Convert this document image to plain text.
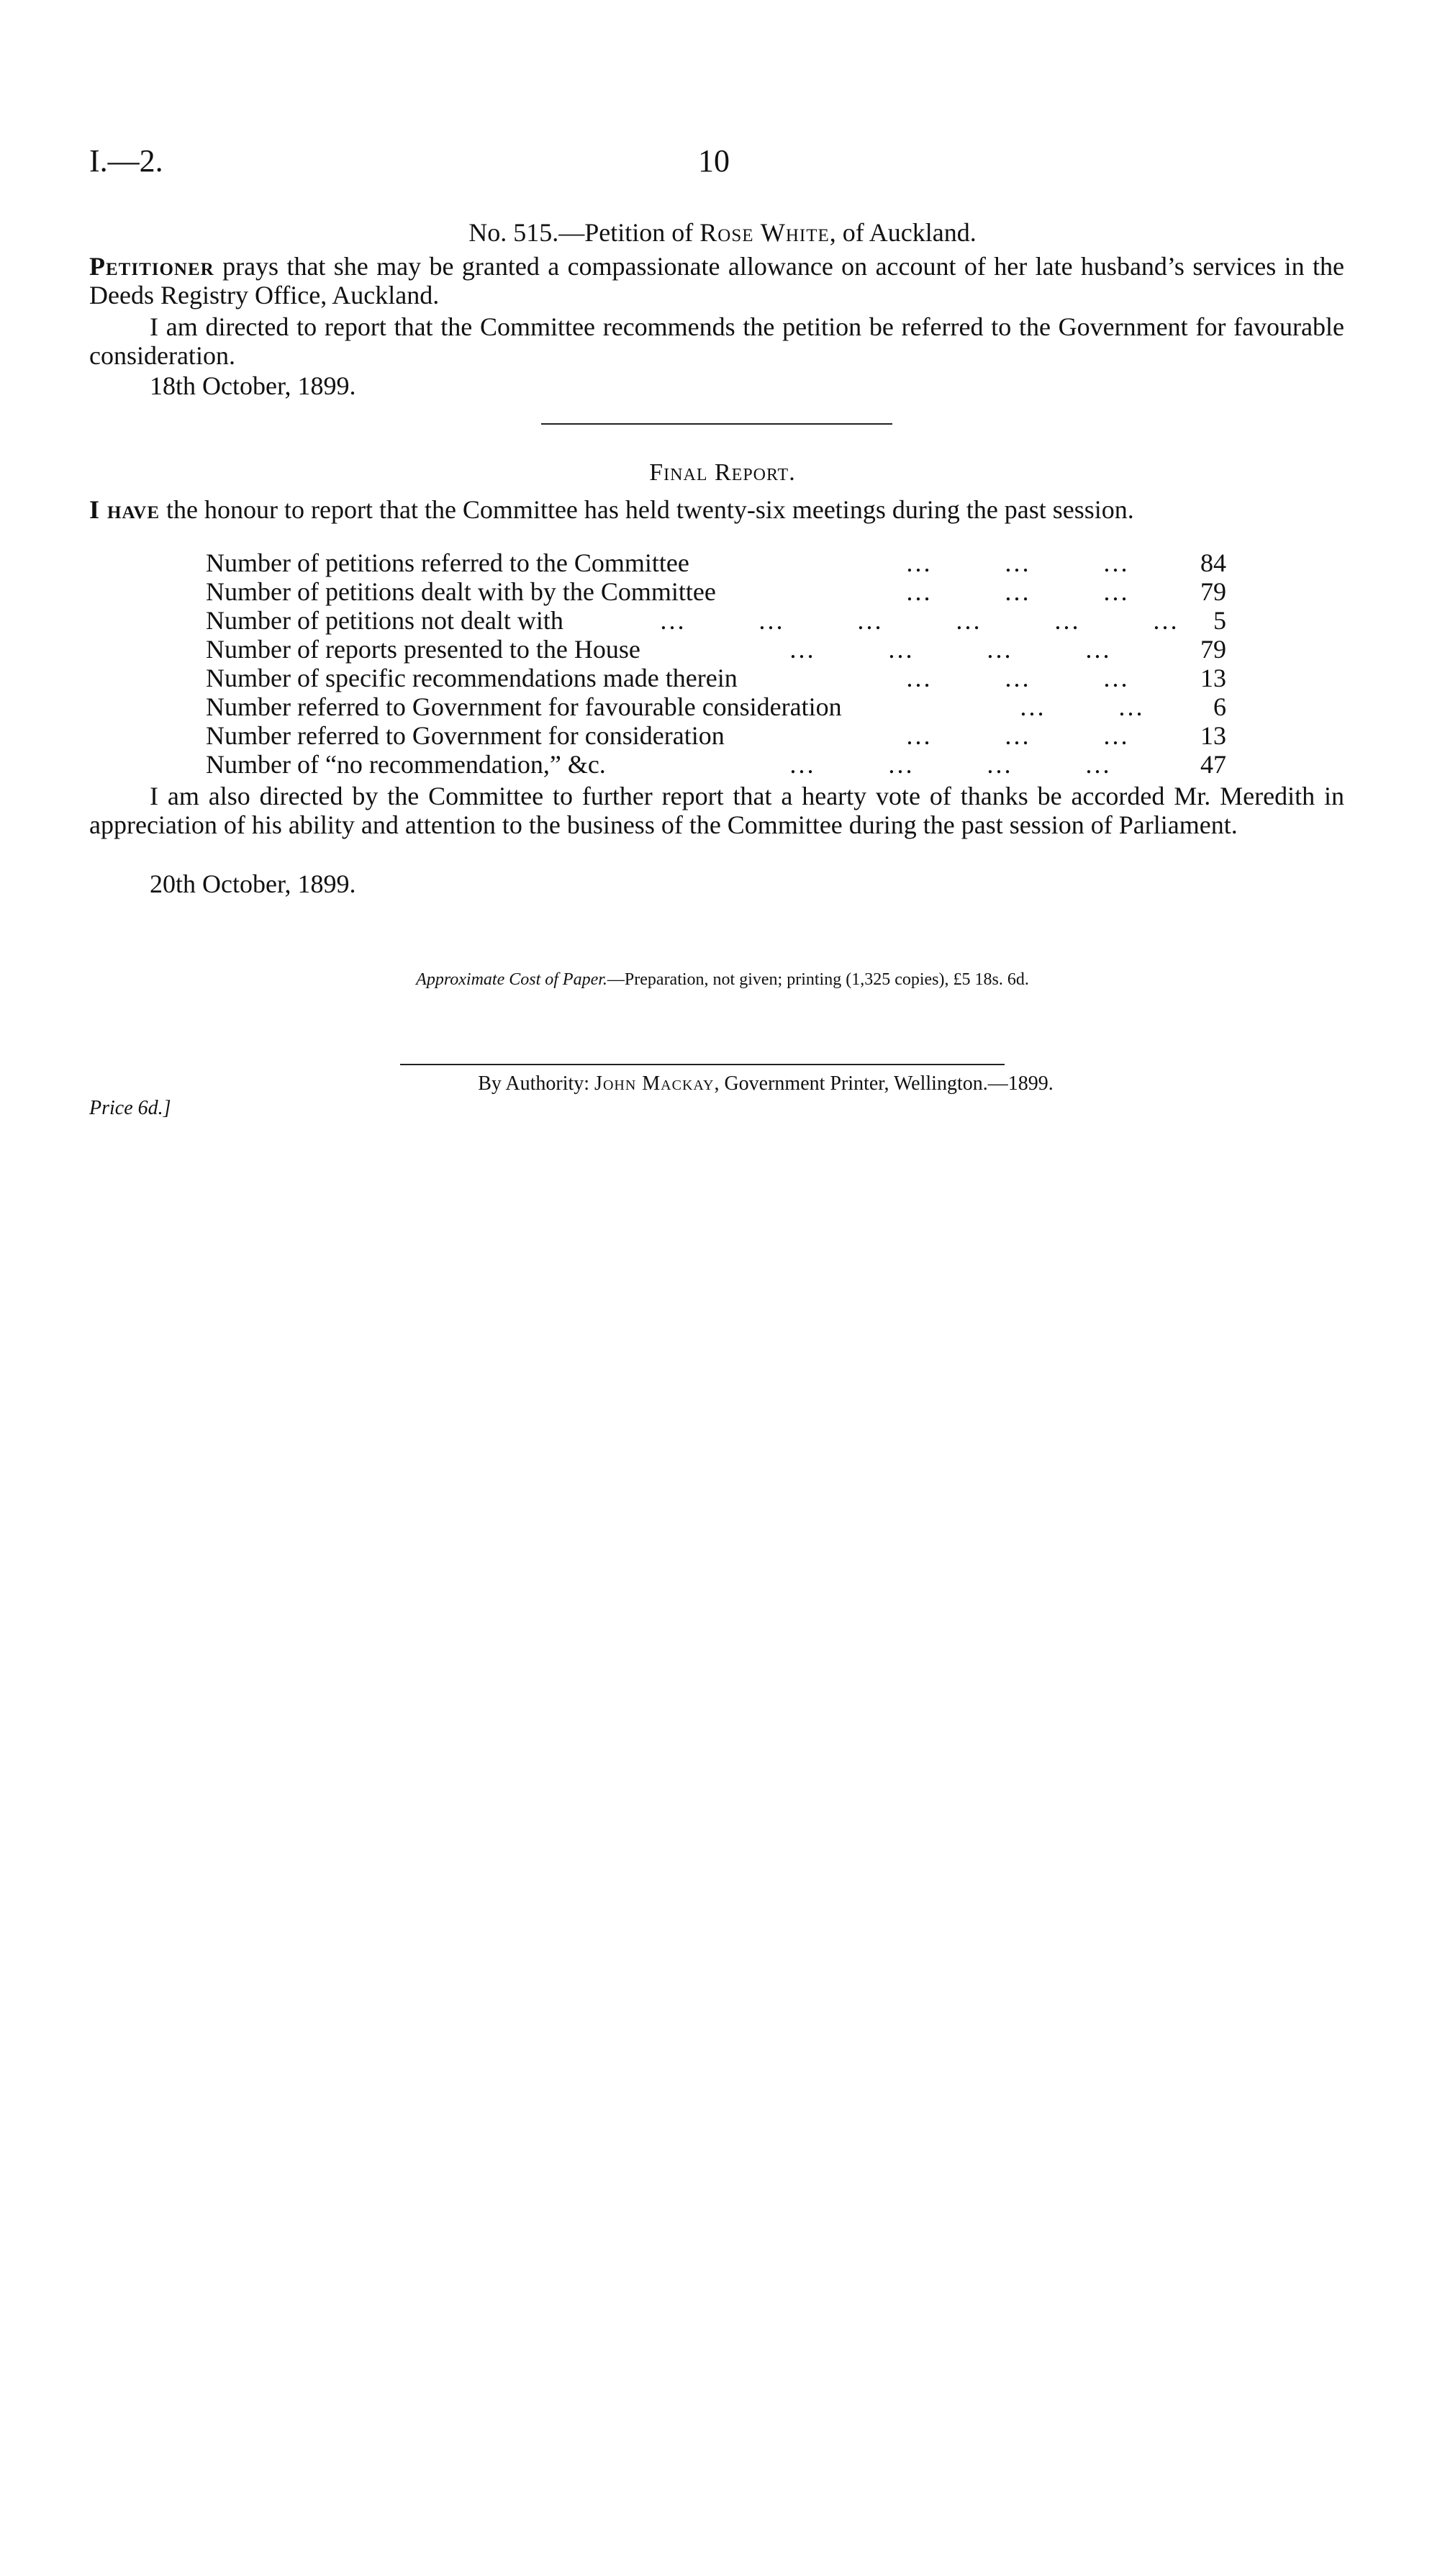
I.—2.	10
No. 515.—Petition of Rose White, of Auckland.
Petitioner prays that she may be granted a compassionate allowance on account of her late husband’s services in the Deeds Registry Office, Auckland.
I am directed to report that the Committee recommends the petition be referred to the Government for favourable consideration.
18th October, 1899.
Final Report.
I have the honour to report that the Committee has held twenty-six meetings during the past session.
Number of petitions referred to the Committee	…         …         …	84
Number of petitions dealt with by the Committee	…         …         …	79
Number of petitions not dealt with	…         …         …         …         …         … 5
Number of reports presented to the House	…         …         …         …	79
Number of specific recommendations made therein	…         …         …	13
Number referred to Government for favourable consideration	…         …	6
Number referred to Government for consideration	…         …         …	13
Number of “no recommendation,” &c.	…         …         …         …	47
I am also directed by the Committee to further report that a hearty vote of thanks be accorded Mr. Meredith in appreciation of his ability and attention to the business of the Committee during the past session of Parliament.
20th October, 1899.
Approximate Cost of Paper.—Preparation, not given; printing (1,325 copies), £5 18s. 6d.
By Authority: John Mackay, Government Printer, Wellington.—1899.
Price 6d.]
